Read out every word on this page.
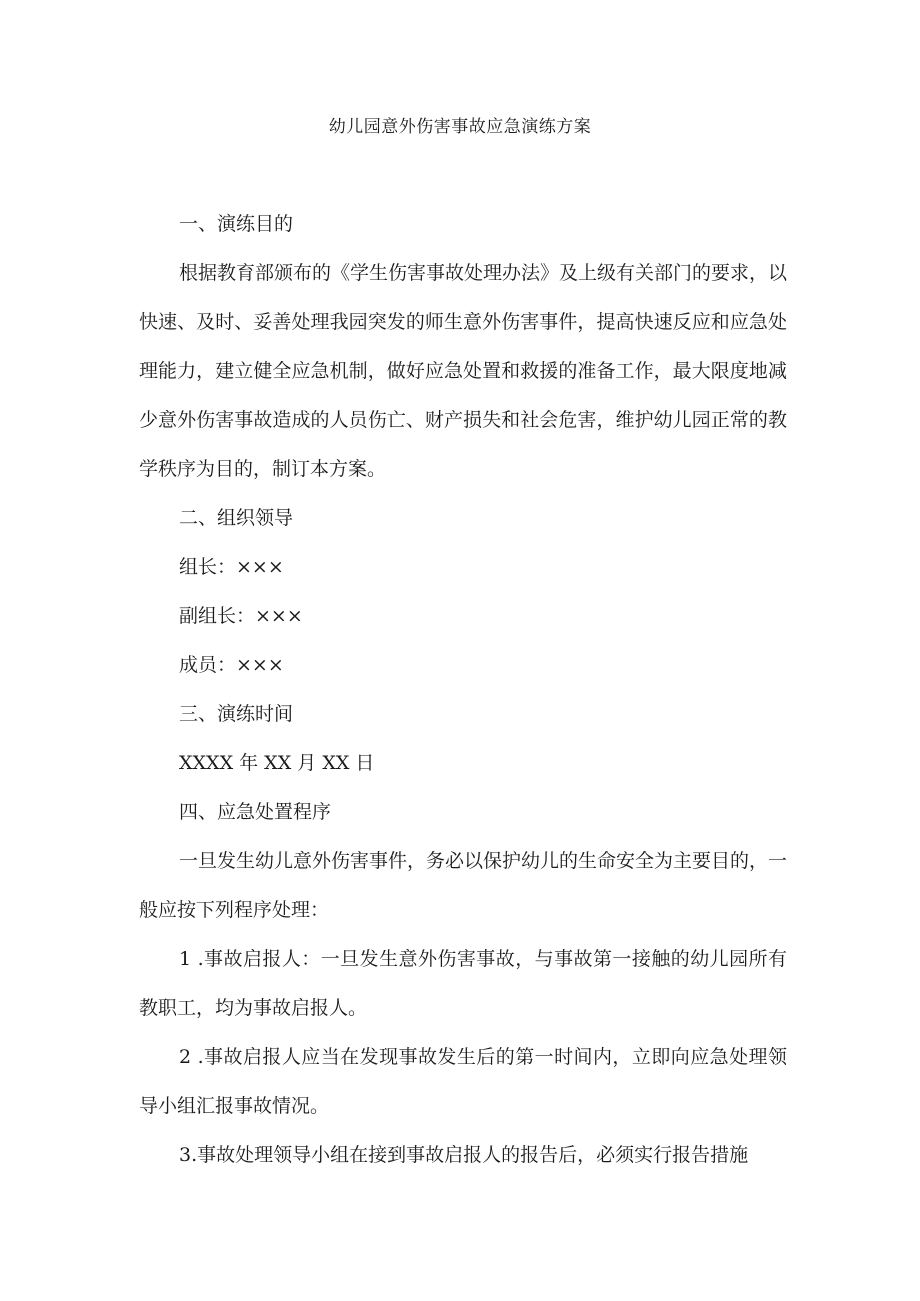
幼儿园意外伤害事故应急演练方案

一、演练目的

根据教育部颁布的《学生伤害事故处理办法》及上级有关部门的要求，以快速、及时、妥善处理我园突发的师生意外伤害事件，提高快速反应和应急处理能力，建立健全应急机制，做好应急处置和救援的准备工作，最大限度地减少意外伤害事故造成的人员伤亡、财产损失和社会危害，维护幼儿园正常的教学秩序为目的，制订本方案。

二、组织领导

组长：×××

副组长：×××

成员：×××

三、演练时间

XXXX 年 XX 月 XX 日

四、应急处置程序

一旦发生幼儿意外伤害事件，务必以保护幼儿的生命安全为主要目的，一般应按下列程序处理：

1 .事故启报人：一旦发生意外伤害事故，与事故第一接触的幼儿园所有教职工，均为事故启报人。

2 .事故启报人应当在发现事故发生后的第一时间内，立即向应急处理领导小组汇报事故情况。

3.事故处理领导小组在接到事故启报人的报告后，必须实行报告措施
